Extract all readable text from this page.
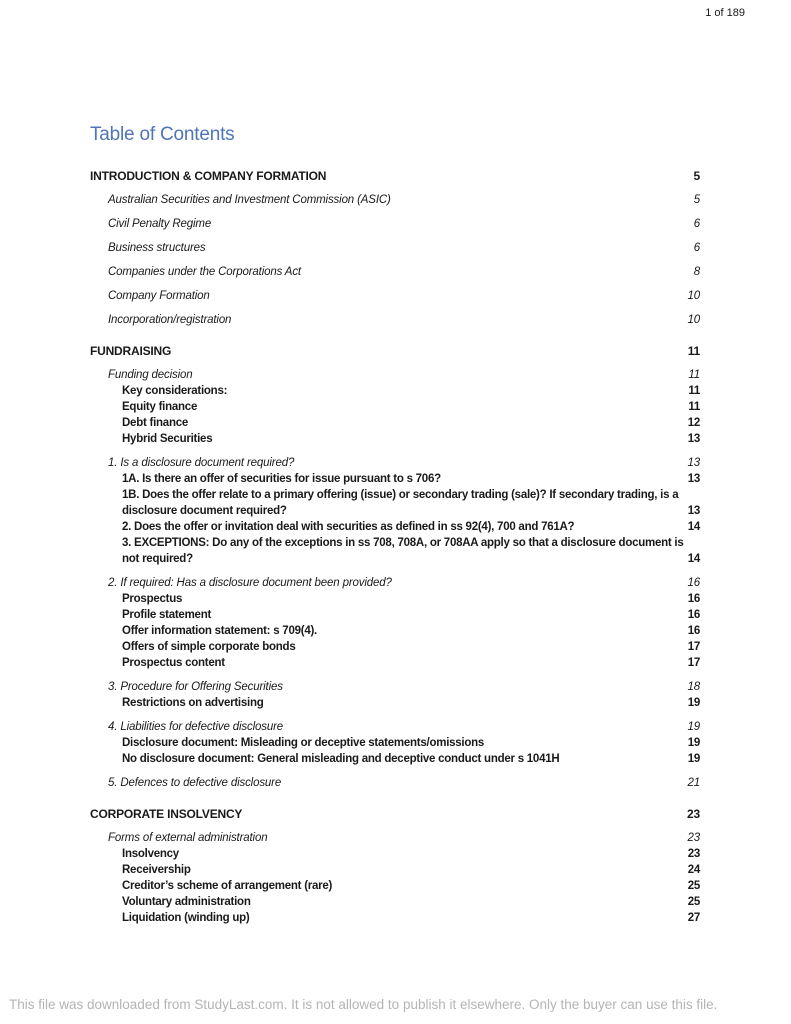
1 of 189
Table of Contents
INTRODUCTION & COMPANY FORMATION	5
Australian Securities and Investment Commission (ASIC)	5
Civil Penalty Regime	6
Business structures	6
Companies under the Corporations Act	8
Company Formation	10
Incorporation/registration	10
FUNDRAISING	11
Funding decision	11
Key considerations:	11
Equity finance	11
Debt finance	12
Hybrid Securities	13
1. Is a disclosure document required?	13
1A. Is there an offer of securities for issue pursuant to s 706?	13
1B. Does the offer relate to a primary offering (issue) or secondary trading (sale)? If secondary trading, is a disclosure document required?	13
2. Does the offer or invitation deal with securities as defined in ss 92(4), 700 and 761A?	14
3. EXCEPTIONS: Do any of the exceptions in ss 708, 708A, or 708AA apply so that a disclosure document is not required?	14
2. If required: Has a disclosure document been provided?	16
Prospectus	16
Profile statement	16
Offer information statement: s 709(4).	16
Offers of simple corporate bonds	17
Prospectus content	17
3. Procedure for Offering Securities	18
Restrictions on advertising	19
4. Liabilities for defective disclosure	19
Disclosure document: Misleading or deceptive statements/omissions	19
No disclosure document: General misleading and deceptive conduct under s 1041H	19
5. Defences to defective disclosure	21
CORPORATE INSOLVENCY	23
Forms of external administration	23
Insolvency	23
Receivership	24
Creditor’s scheme of arrangement (rare)	25
Voluntary administration	25
Liquidation (winding up)	27
This file was downloaded from StudyLast.com. It is not allowed to publish it elsewhere. Only the buyer can use this file.
